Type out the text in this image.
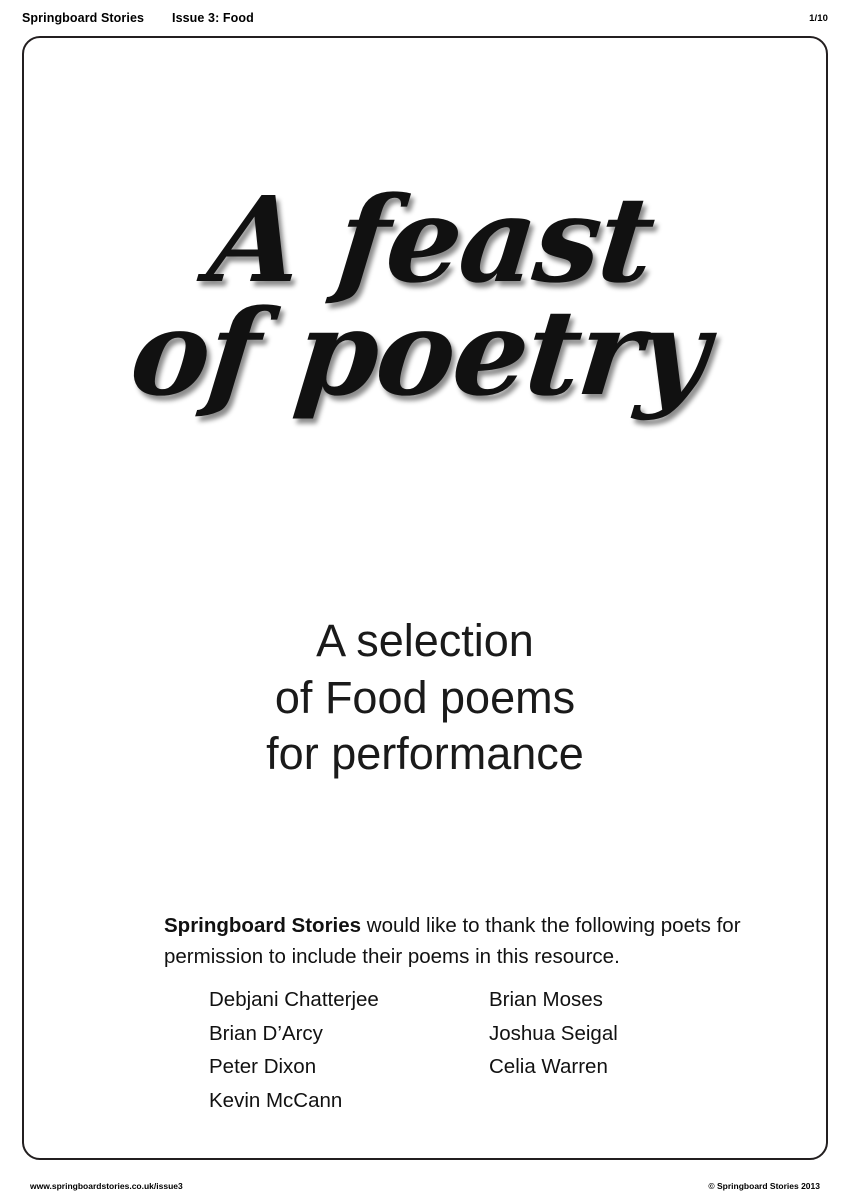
Springboard Stories	Issue 3: Food	1/10
A feast
of poetry
A selection
of Food poems
for performance
Springboard Stories would like to thank the following poets for permission to include their poems in this resource.
Debjani Chatterjee
Brian D’Arcy
Peter Dixon
Kevin McCann
Brian Moses
Joshua Seigal
Celia Warren
www.springboardstories.co.uk/issue3	© Springboard Stories 2013
